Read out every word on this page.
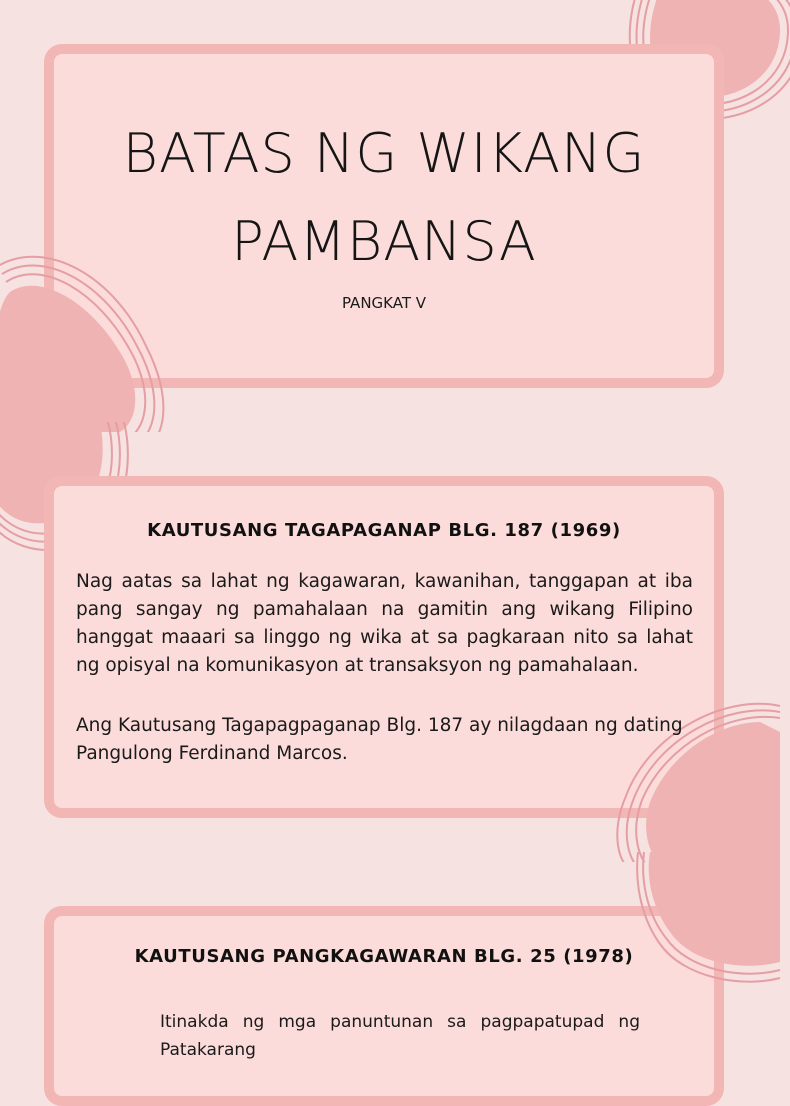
BATAS NG WIKANG PAMBANSA
PANGKAT V
KAUTUSANG TAGAPAGANAP BLG. 187 (1969)
Nag aatas sa lahat ng kagawaran, kawanihan, tanggapan at iba pang sangay ng pamahalaan na gamitin ang wikang Filipino hanggat maaari sa linggo ng wika at sa pagkaraan nito sa lahat ng opisyal na komunikasyon at transaksyon ng pamahalaan.
Ang Kautusang Tagapagpaganap Blg. 187 ay nilagdaan ng dating Pangulong Ferdinand Marcos.
KAUTUSANG PANGKAGAWARAN BLG. 25 (1978)
Itinakda ng mga panuntunan sa pagpapatupad ng Patakarang
